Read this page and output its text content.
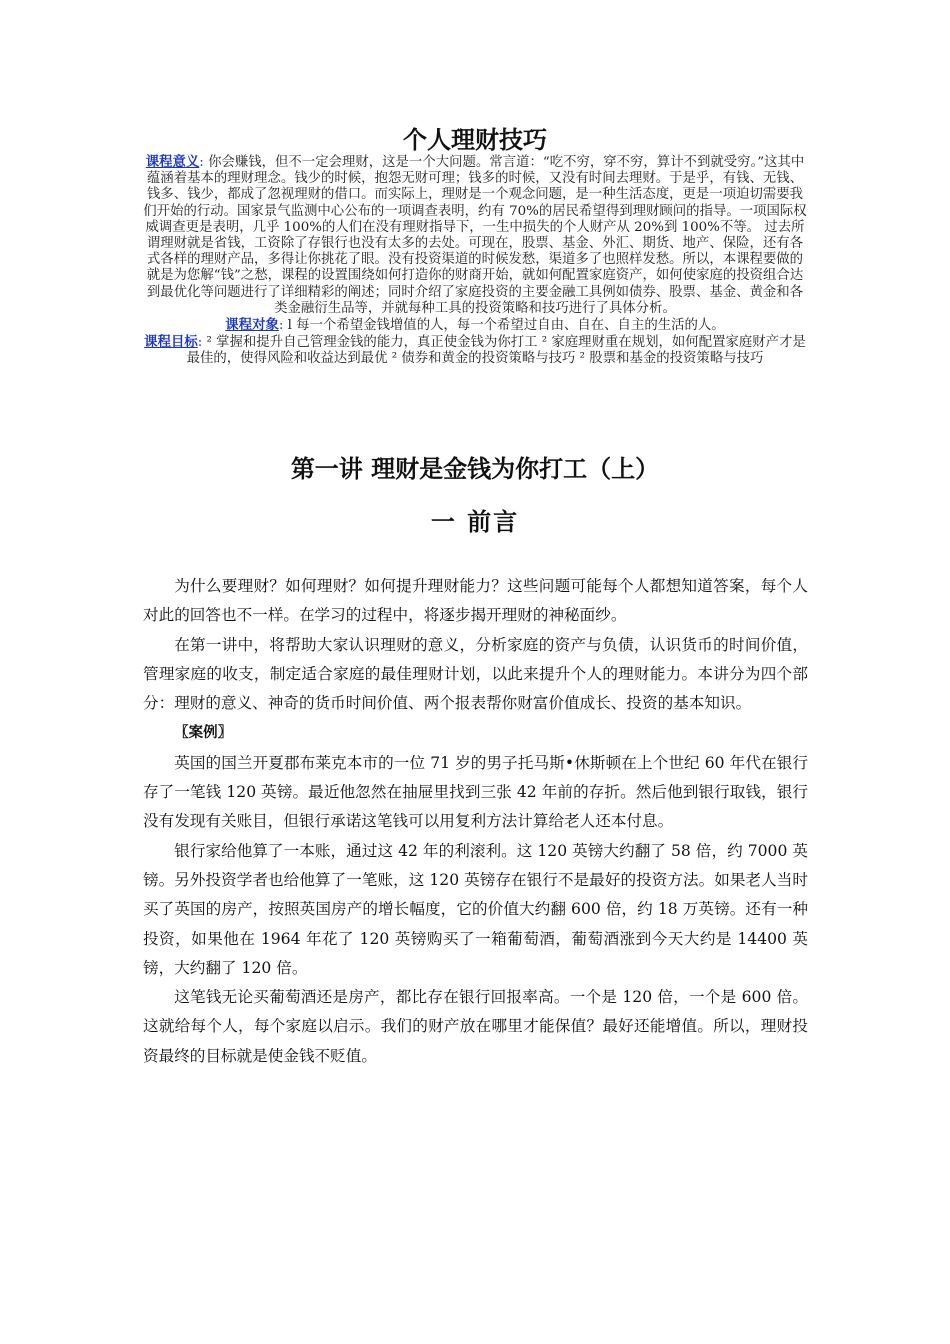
个人理财技巧

课程意义: 你会赚钱，但不一定会理财，这是一个大问题。常言道：“吃不穷，穿不穷，算计不到就受穷。”这其中蕴涵着基本的理财理念。钱少的时候，抱怨无财可理；钱多的时候，又没有时间去理财。于是乎，有钱、无钱、钱多、钱少，都成了忽视理财的借口。而实际上，理财是一个观念问题，是一种生活态度，更是一项迫切需要我们开始的行动。国家景气监测中心公布的一项调查表明，约有 70%的居民希望得到理财顾问的指导。一项国际权威调查更是表明，几乎 100%的人们在没有理财指导下，一生中损失的个人财产从 20%到 100%不等。 过去所谓理财就是省钱，工资除了存银行也没有太多的去处。可现在，股票、基金、外汇、期货、地产、保险，还有各式各样的理财产品，多得让你挑花了眼。没有投资渠道的时候发愁，渠道多了也照样发愁。所以，本课程要做的就是为您解“钱”之愁，课程的设置围绕如何打造你的财商开始，就如何配置家庭资产，如何使家庭的投资组合达到最优化等问题进行了详细精彩的阐述；同时介绍了家庭投资的主要金融工具例如债券、股票、基金、黄金和各类金融衍生品等，并就每种工具的投资策略和技巧进行了具体分析。

课程对象: l 每一个希望金钱增值的人，每一个希望过自由、自在、自主的生活的人。

课程目标: ² 掌握和提升自己管理金钱的能力，真正使金钱为你打工 ² 家庭理财重在规划，如何配置家庭财产才是最佳的，使得风险和收益达到最优 ² 债券和黄金的投资策略与技巧 ² 股票和基金的投资策略与技巧

第一讲 理财是金钱为你打工（上）
一 前言

为什么要理财？如何理财？如何提升理财能力？这些问题可能每个人都想知道答案，每个人对此的回答也不一样。在学习的过程中，将逐步揭开理财的神秘面纱。

在第一讲中，将帮助大家认识理财的意义，分析家庭的资产与负债，认识货币的时间价值，管理家庭的收支，制定适合家庭的最佳理财计划，以此来提升个人的理财能力。本讲分为四个部分：理财的意义、神奇的货币时间价值、两个报表帮你财富价值成长、投资的基本知识。

〖案例〗

英国的国兰开夏郡布莱克本市的一位 71 岁的男子托马斯•休斯顿在上个世纪 60 年代在银行存了一笔钱 120 英镑。最近他忽然在抽屉里找到三张 42 年前的存折。然后他到银行取钱，银行没有发现有关账目，但银行承诺这笔钱可以用复利方法计算给老人还本付息。

银行家给他算了一本账，通过这 42 年的利滚利。这 120 英镑大约翻了 58 倍，约 7000 英镑。另外投资学者也给他算了一笔账，这 120 英镑存在银行不是最好的投资方法。如果老人当时买了英国的房产，按照英国房产的增长幅度，它的价值大约翻 600 倍，约 18 万英镑。还有一种投资，如果他在 1964 年花了 120 英镑购买了一箱葡萄酒，葡萄酒涨到今天大约是 14400 英镑，大约翻了 120 倍。

这笔钱无论买葡萄酒还是房产，都比存在银行回报率高。一个是 120 倍，一个是 600 倍。这就给每个人，每个家庭以启示。我们的财产放在哪里才能保值？最好还能增值。所以，理财投资最终的目标就是使金钱不贬值。
